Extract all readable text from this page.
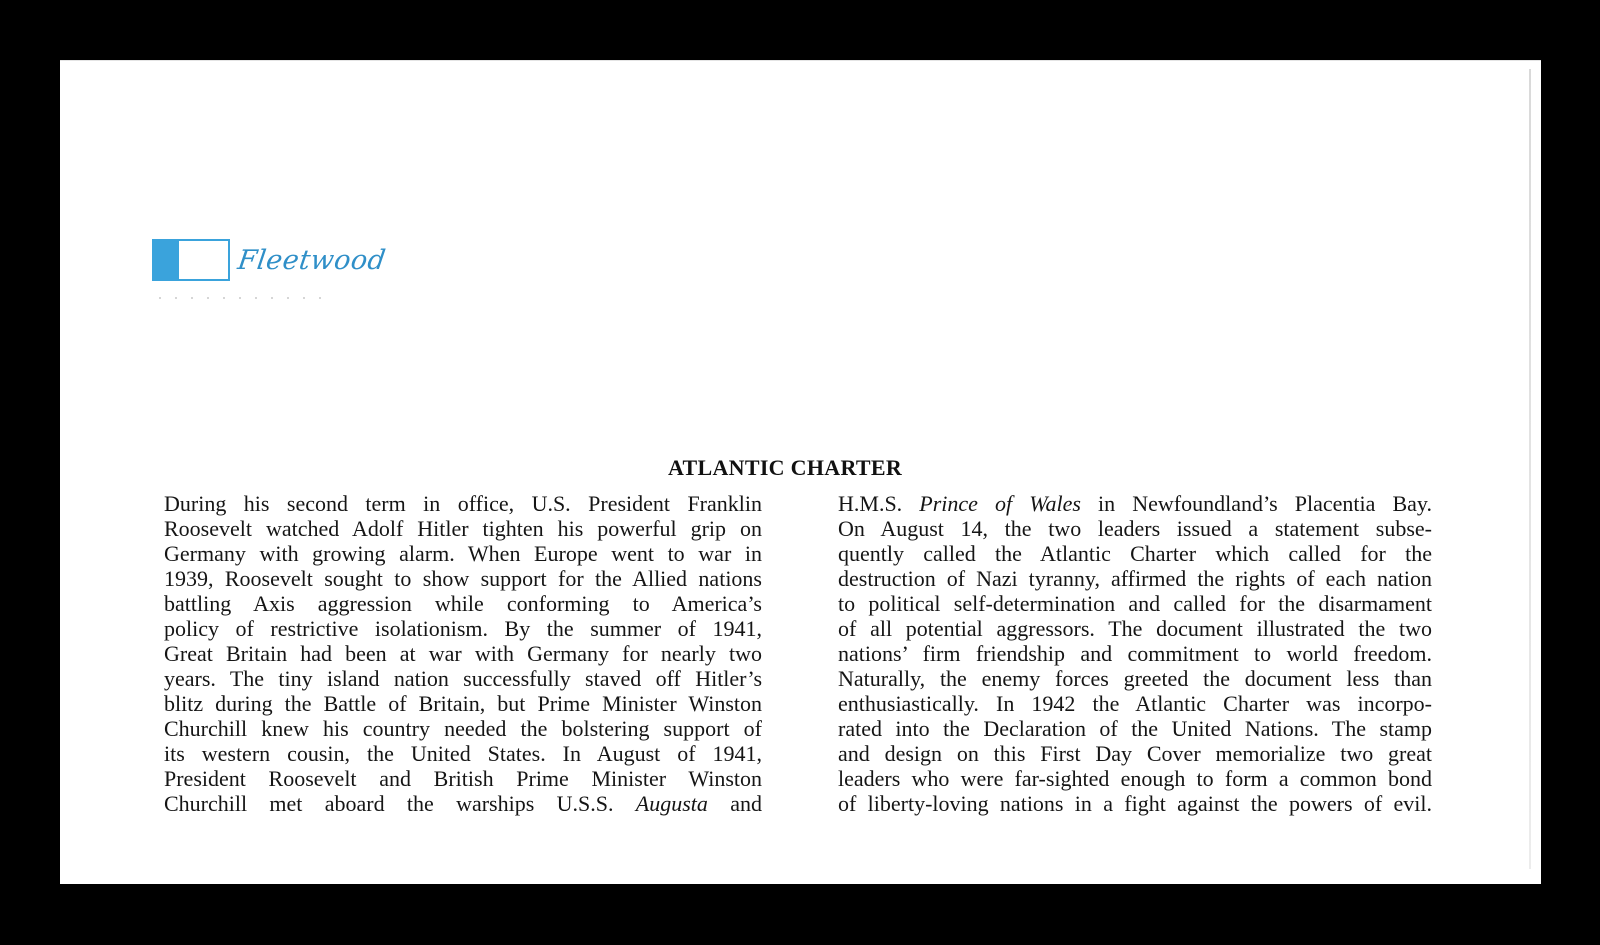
Fleetwood
ATLANTIC CHARTER
During his second term in office, U.S. President Franklin
Roosevelt watched Adolf Hitler tighten his powerful grip on
Germany with growing alarm. When Europe went to war in
1939, Roosevelt sought to show support for the Allied nations
battling Axis aggression while conforming to America’s
policy of restrictive isolationism. By the summer of 1941,
Great Britain had been at war with Germany for nearly two
years. The tiny island nation successfully staved off Hitler’s
blitz during the Battle of Britain, but Prime Minister Winston
Churchill knew his country needed the bolstering support of
its western cousin, the United States. In August of 1941,
President Roosevelt and British Prime Minister Winston
Churchill met aboard the warships U.S.S. Augusta and
H.M.S. Prince of Wales in Newfoundland’s Placentia Bay.
On August 14, the two leaders issued a statement subse-
quently called the Atlantic Charter which called for the
destruction of Nazi tyranny, affirmed the rights of each nation
to political self-determination and called for the disarmament
of all potential aggressors. The document illustrated the two
nations’ firm friendship and commitment to world freedom.
Naturally, the enemy forces greeted the document less than
enthusiastically. In 1942 the Atlantic Charter was incorpo-
rated into the Declaration of the United Nations. The stamp
and design on this First Day Cover memorialize two great
leaders who were far-sighted enough to form a common bond
of liberty-loving nations in a fight against the powers of evil.
